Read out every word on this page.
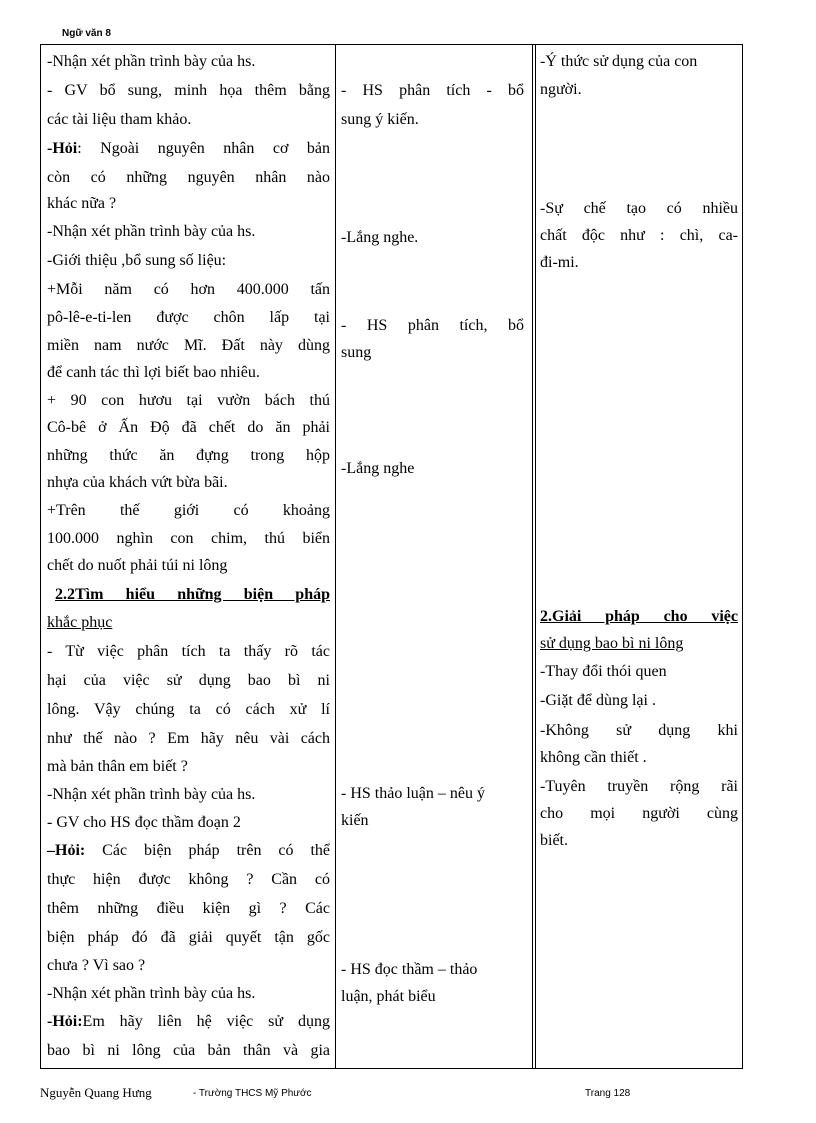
Ngữ văn 8
-Nhận xét phần trình bày của hs.
- GV bổ sung, minh họa thêm bằng
các tài liệu tham khảo.
-Hỏi: Ngoài nguyên nhân cơ bản
còn có những nguyên nhân nào
khác nữa ?
-Nhận xét phần trình bày của hs.
-Giới thiệu ,bổ sung số liệu:
+Mỗi năm có hơn 400.000 tấn
pô-lê-e-ti-len được chôn lấp tại
miền nam nước Mĩ. Đất này dùng
để canh tác thì lợi biết bao nhiêu.
+ 90 con hươu tại vườn bách thú
Cô-bê ở Ấn Độ đã chết do ăn phải
những thức ăn đựng trong hộp
nhựa của khách vứt bừa bãi.
+Trên thế giới có khoảng
100.000 nghìn con chim, thú biển
chết do nuốt phải túi ni lông
2.2Tìm hiểu những biện pháp
khắc phục
- Từ việc phân tích ta thấy rõ tác
hại của việc sử dụng bao bì ni
lông. Vậy chúng ta có cách xử lí
như thế nào ? Em hãy nêu vài cách
mà bản thân em biết ?
-Nhận xét phần trình bày của hs.
- GV cho HS đọc thầm đoạn 2
–Hỏi: Các biện pháp trên có thể
thực hiện được không ? Cần có
thêm những điều kiện gì ? Các
biện pháp đó đã giải quyết tận gốc
chưa ? Vì sao ?
-Nhận xét phần trình bày của hs.
-Hỏi:Em hãy liên hệ việc sử dụng
bao bì ni lông của bản thân và gia
- HS phân tích - bổ
sung ý kiến.
-Lắng nghe.
- HS phân tích, bổ
sung
-Lắng nghe
- HS thảo luận – nêu ý
kiến
- HS đọc thầm – thảo
luận, phát biểu
-Ý thức sử dụng của con
người.
-Sự chế tạo có nhiều
chất độc như : chì, ca-
đi-mi.
2.Giải pháp cho việc
sử dụng bao bì ni lông
-Thay đổi thói quen
-Giặt để dùng lại .
-Không sử dụng khi
không cần thiết .
-Tuyên truyền rộng rãi
cho mọi người cùng
biết.
Nguyễn Quang Hưng	- Trường THCS Mỹ Phước	Trang 128
